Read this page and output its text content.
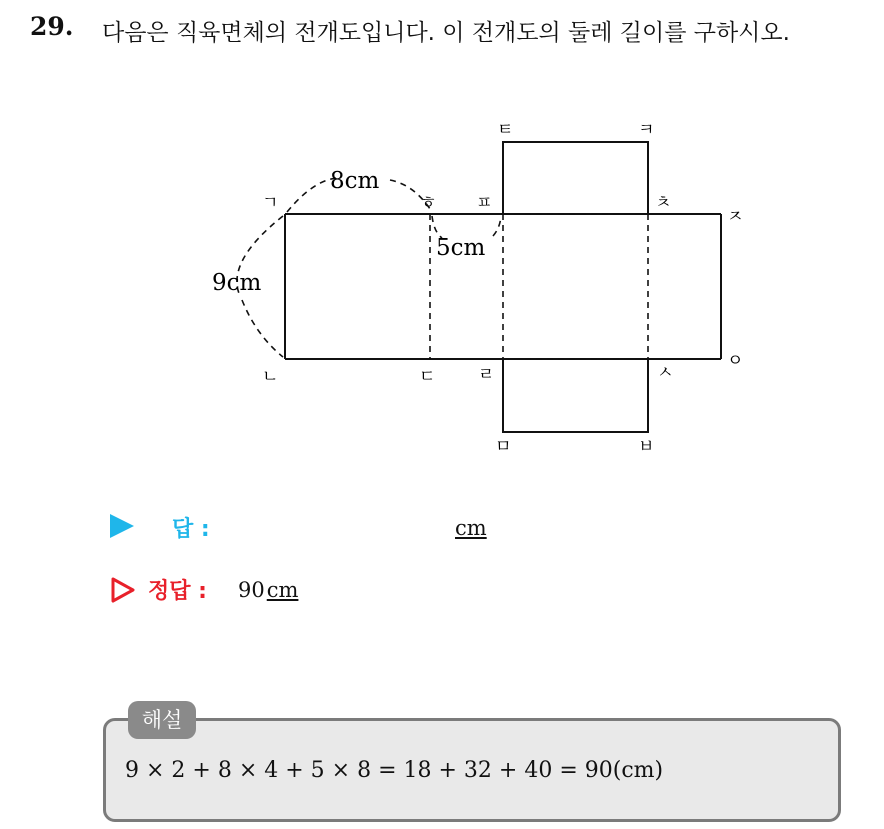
29. 다음은 직육면체의 전개도입니다. 이 전개도의 둘레 길이를 구하시오.
8cm
9cm
5cm
ㄱ
ㄴ	ㄷ	ㄹ
ㅁ	ㅂ
ㅅ
ㅇ
ㅈ
ㅊ
ㅋ
ㅌ
ㅍ
ㅎ
답 :	cm
정답 : 90cm
해설
9 × 2 + 8 × 4 + 5 × 8 = 18 + 32 + 40 = 90(cm)
